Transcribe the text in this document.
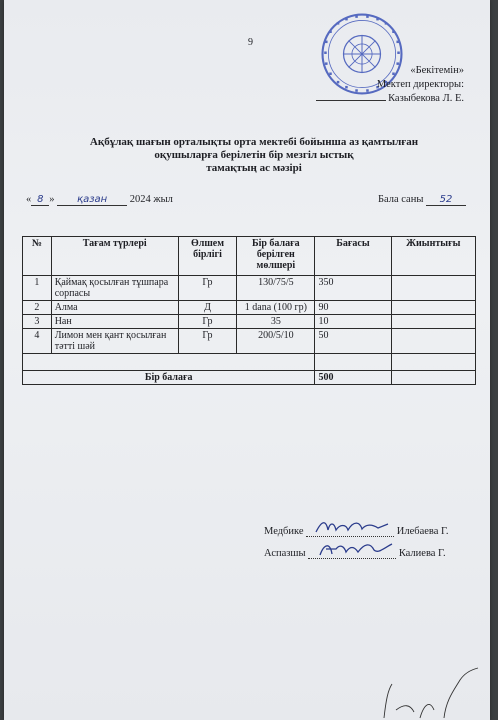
9
«Бекітемін»
Мектеп директоры:
Казыбекова Л. Е.
Ақбұлақ шағын орталықты орта мектебі бойынша аз қамтылған
оқушыларға берілетін бір мезгіл ыстық
тамақтың ас мәзірі
« 8 » қазан 2024 жыл	Бала саны 52
№	Тағам түрлері	Өлшем бірлігі	Бір балаға берілген мөлшері	Бағасы	Жиынтығы
1	Қаймақ қосылған тұшпара сорпасы	Гр	130/75/5	350	
2	Алма	Д	1 dana (100 гр)	90	
3	Нан	Гр	35	10	
4	Лимон мен қант қосылған тәтті шәй	Гр	200/5/10	50	

Бір балаға				500	
Медбике	Илебаева Г.
Аспазшы	Калиева Г.
